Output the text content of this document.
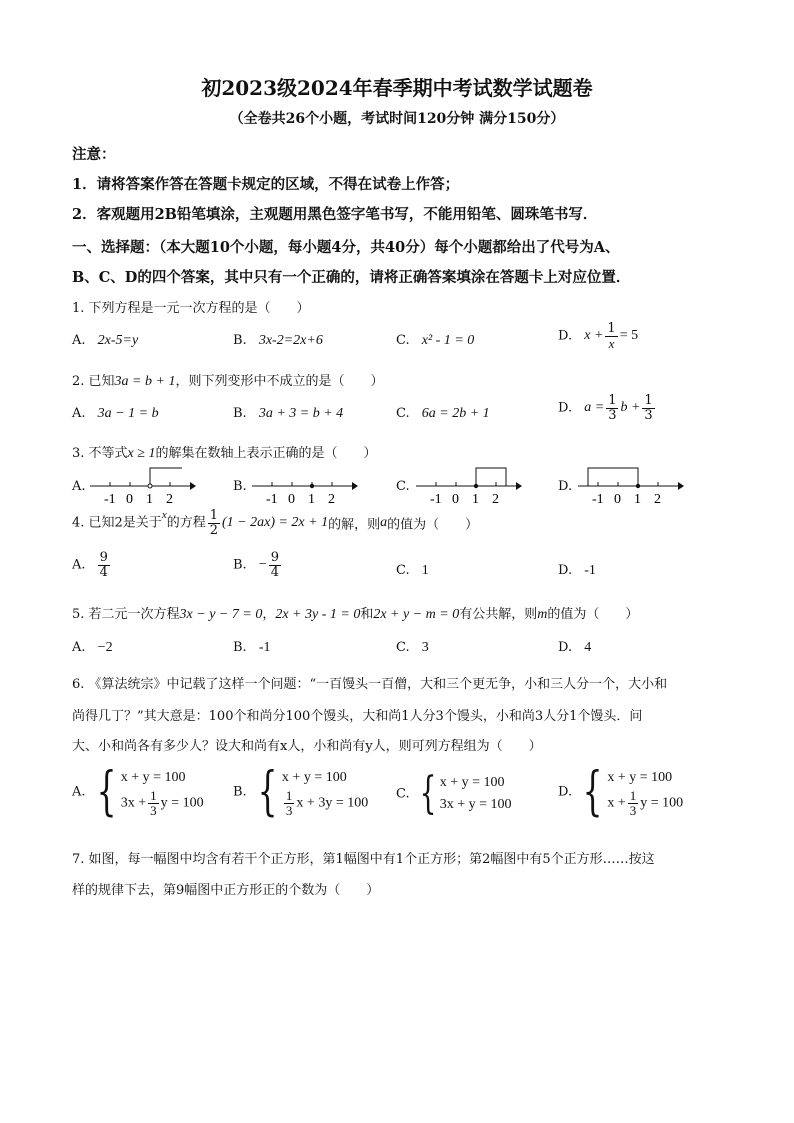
初2023级2024年春季期中考试数学试题卷
（全卷共26个小题，考试时间120分钟 满分150分）
注意：
1．请将答案作答在答题卡规定的区域，不得在试卷上作答；
2．客观题用2B铅笔填涂，主观题用黑色签字笔书写，不能用铅笔、圆珠笔书写．
一、选择题：（本大题10个小题，每小题4分，共40分）每个小题都给出了代号为A、
B、C、D的四个答案，其中只有一个正确的，请将正确答案填涂在答题卡上对应位置．
1. 下列方程是一元一次方程的是（　　）
A. 2x-5=y	B. 3x-2=2x+6	C. x² - 1 = 0	D. $x + \frac{1}{x} = 5$
2. 已知3a = b + 1，则下列变形中不成立的是（　　）
A. 3a − 1 = b	B. 3a + 3 = b + 4	C. 6a = 2b + 1	D. $a = \frac{1}{3}$ $b + \frac{1}{3}$
3. 不等式x ≥ 1的解集在数轴上表示正确的是（　　）
A.
-1 0 1 2
B.
-1 0 1 2
C.
-1 0 1 2
D.
-1 0 1 2
4. 已知2是关于$^x$的方程 $\frac{1}{2} (1 - 2ax) = 2x + 1$的解，则a的值为（　　）
A. $\frac{9}{4}$	B. − $\frac{9}{4}$	C. 1	D. -1
5. 若二元一次方程3x − y − 7 = 0，2x + 3y - 1 = 0和2x + y − m = 0有公共解，则m的值为（　　）
A. −2	B. -1	C. 3	D. 4
6. 《算法统宗》中记载了这样一个问题：“一百馒头一百僧，大和三个更无争，小和三人分一个，大小和
尚得几丁？”其大意是：100个和尚分100个馒头，大和尚1人分3个馒头，小和尚3人分1个馒头．问
大、小和尚各有多少人？设大和尚有x人，小和尚有y人，则可列方程组为（　　）
A. { x + y = 100
$3x + \frac{1}{3}$ y = 100
B. { x + y = 100
$\frac{1}{3}$ x + 3y = 100
C. { x + y = 100
3x + y = 100
D. { x + y = 100
$x + \frac{1}{3}$ y = 100
7. 如图，每一幅图中均含有若干个正方形，第1幅图中有1个正方形；第2幅图中有5个正方形……按这
样的规律下去，第9幅图中正方形正的个数为（　　）
